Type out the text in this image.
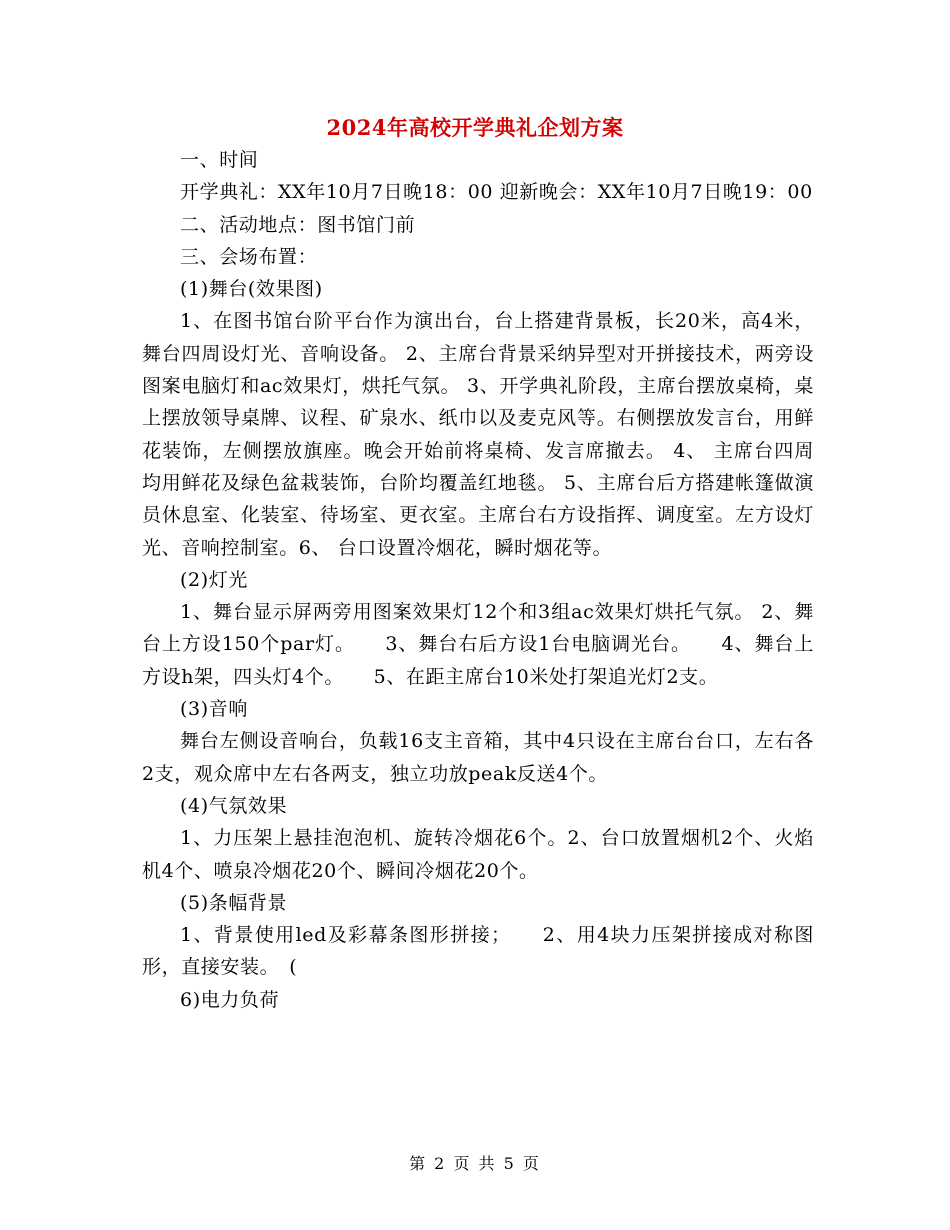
2024年高校开学典礼企划方案

一、时间

开学典礼：XX年10月7日晚18：00 迎新晚会：XX年10月7日晚19：00

二、活动地点：图书馆门前

三、会场布置：

(1)舞台(效果图)

1、在图书馆台阶平台作为演出台，台上搭建背景板，长20米，高4米，舞台四周设灯光、音响设备。 2、主席台背景采纳异型对开拼接技术，两旁设图案电脑灯和ac效果灯，烘托气氛。 3、开学典礼阶段，主席台摆放桌椅，桌上摆放领导桌牌、议程、矿泉水、纸巾以及麦克风等。右侧摆放发言台，用鲜花装饰，左侧摆放旗座。晚会开始前将桌椅、发言席撤去。 4、 主席台四周均用鲜花及绿色盆栽装饰，台阶均覆盖红地毯。 5、主席台后方搭建帐篷做演员休息室、化装室、待场室、更衣室。主席台右方设指挥、调度室。左方设灯光、音响控制室。6、 台口设置冷烟花，瞬时烟花等。

(2)灯光

1、舞台显示屏两旁用图案效果灯12个和3组ac效果灯烘托气氛。 2、舞台上方设150个par灯。　　3、舞台右后方设1台电脑调光台。　　4、舞台上方设h架，四头灯4个。　　5、在距主席台10米处打架追光灯2支。

(3)音响

舞台左侧设音响台，负载16支主音箱，其中4只设在主席台台口，左右各2支，观众席中左右各两支，独立功放peak反送4个。

(4)气氛效果

1、力压架上悬挂泡泡机、旋转冷烟花6个。2、台口放置烟机2个、火焰机4个、喷泉冷烟花20个、瞬间冷烟花20个。

(5)条幅背景

1、背景使用led及彩幕条图形拼接；　　2、用4块力压架拼接成对称图形，直接安装。　(

6)电力负荷

第 2 页 共 5 页
